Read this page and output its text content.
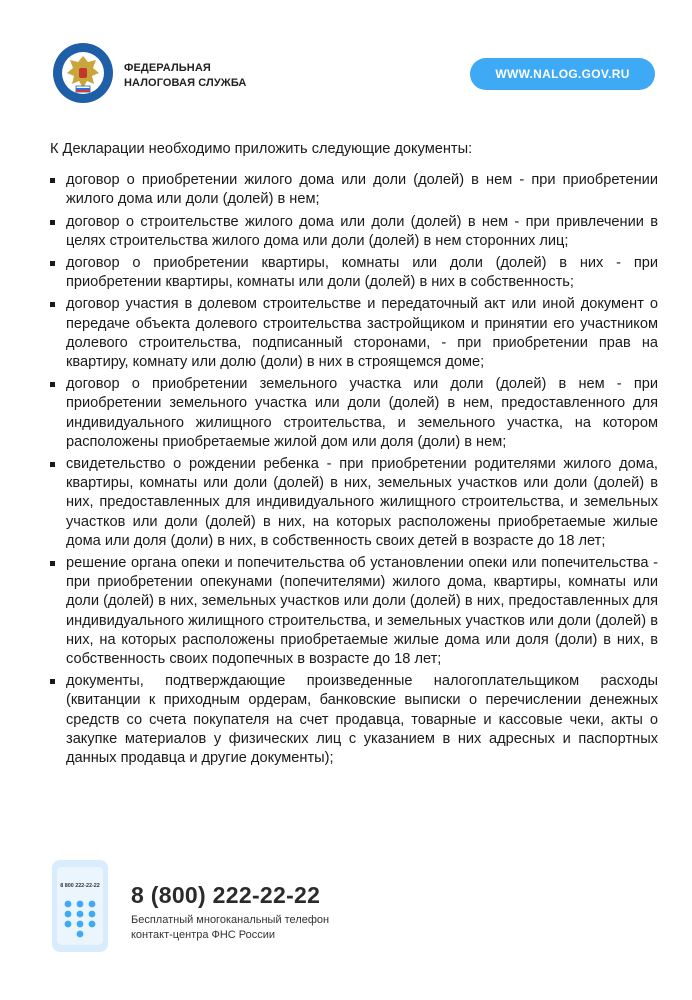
ФЕДЕРАЛЬНАЯ
НАЛОГОВАЯ СЛУЖБА
WWW.NALOG.GOV.RU

К Декларации необходимо приложить следующие документы:

договор о приобретении жилого дома или доли (долей) в нем - при приобретении жилого дома или доли (долей) в нем;
договор о строительстве жилого дома или доли (долей) в нем - при привлечении в целях строительства жилого дома или доли (долей) в нем сторонних лиц;
договор о приобретении квартиры, комнаты или доли (долей) в них - при приобретении квартиры, комнаты или доли (долей) в них в собственность;
договор участия в долевом строительстве и передаточный акт или иной документ о передаче объекта долевого строительства застройщиком и принятии его участником долевого строительства, подписанный сторонами, - при приобретении прав на квартиру, комнату или долю (доли) в них в строящемся доме;
договор о приобретении земельного участка или доли (долей) в нем - при приобретении земельного участка или доли (долей) в нем, предоставленного для индивидуального жилищного строительства, и земельного участка, на котором расположены приобретаемые жилой дом или доля (доли) в нем;
свидетельство о рождении ребенка - при приобретении родителями жилого дома, квартиры, комнаты или доли (долей) в них, земельных участков или доли (долей) в них, предоставленных для индивидуального жилищного строительства, и земельных участков или доли (долей) в них, на которых расположены приобретаемые жилые дома или доля (доли) в них, в собственность своих детей в возрасте до 18 лет;
решение органа опеки и попечительства об установлении опеки или попечительства - при приобретении опекунами (попечителями) жилого дома, квартиры, комнаты или доли (долей) в них, земельных участков или доли (долей) в них, предоставленных для индивидуального жилищного строительства, и земельных участков или доли (долей) в них, на которых расположены приобретаемые жилые дома или доля (доли) в них, в собственность своих подопечных в возрасте до 18 лет;
документы, подтверждающие произведенные налогоплательщиком расходы (квитанции к приходным ордерам, банковские выписки о перечислении денежных средств со счета покупателя на счет продавца, товарные и кассовые чеки, акты о закупке материалов у физических лиц с указанием в них адресных и паспортных данных продавца и другие документы);
8 800 222-22-22 8 (800) 222-22-22
Бесплатный многоканальный телефон
контакт-центра ФНС России
